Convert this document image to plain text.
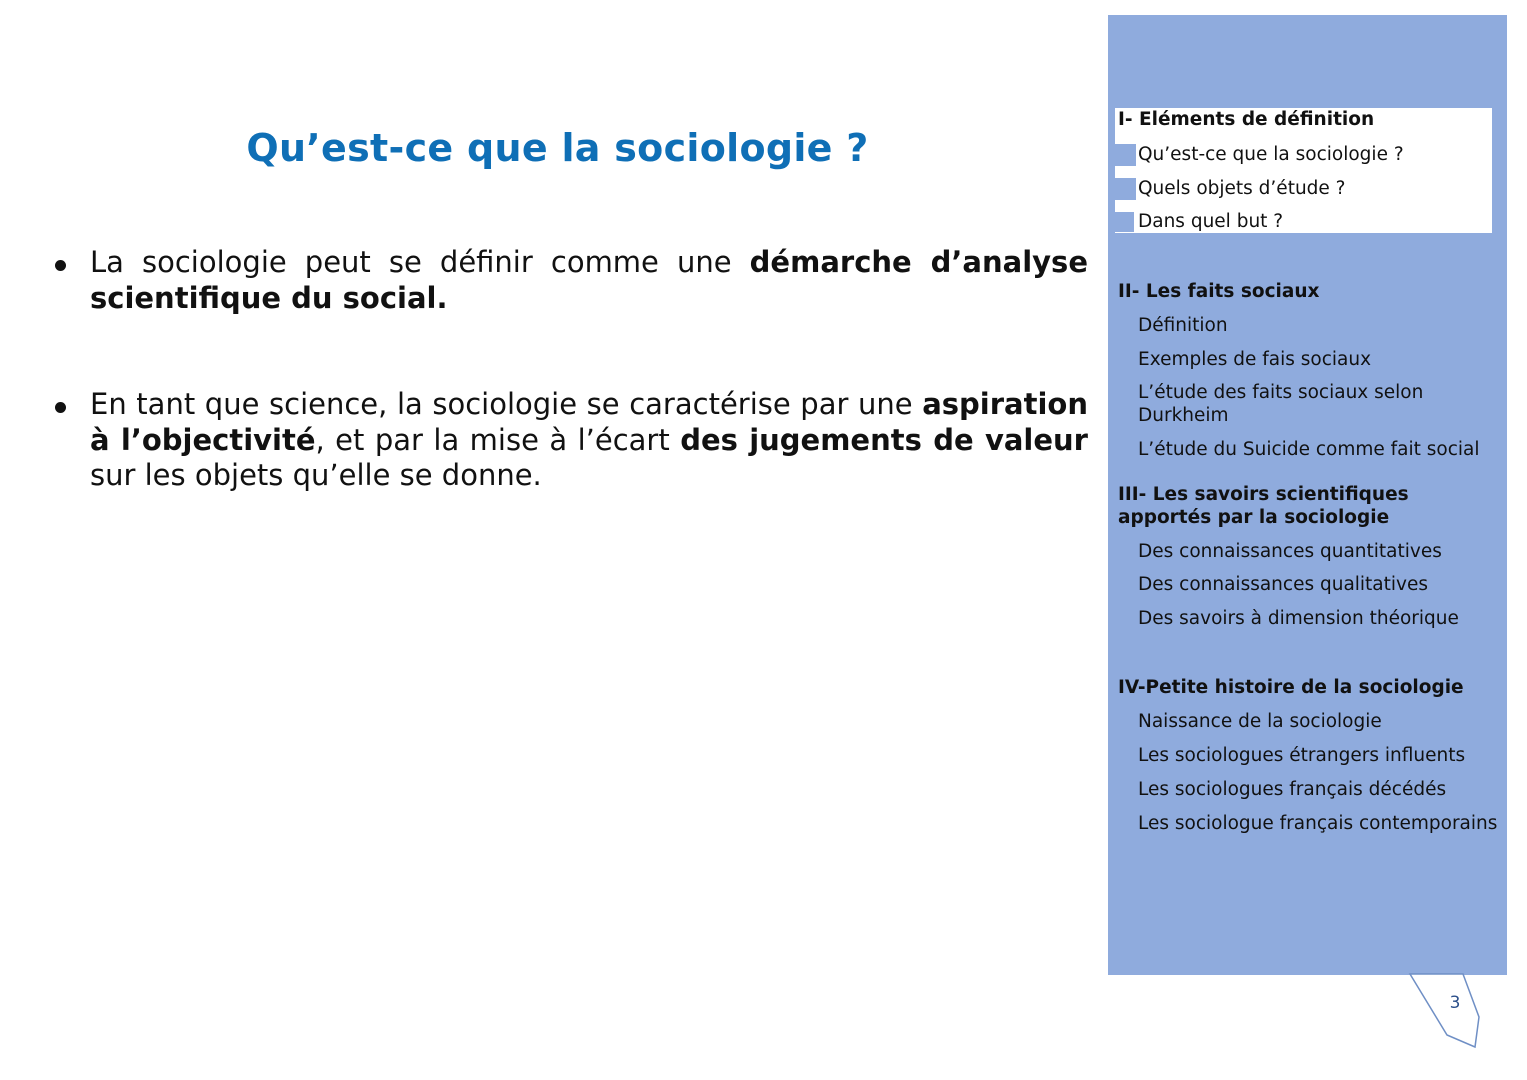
Qu’est-ce que la sociologie ?
La sociologie peut se définir comme une démarche d’analyse scientifique du social.
En tant que science, la sociologie se caractérise par une aspiration à l’objectivité, et par la mise à l’écart des jugements de valeur sur les objets qu’elle se donne.
I- Eléments de définition
Qu’est-ce que la sociologie ?
Quels objets d’étude ?
Dans quel but ?
II- Les faits sociaux
Définition
Exemples de fais sociaux
L’étude des faits sociaux selon Durkheim
L’étude du Suicide comme fait social
III- Les savoirs scientifiques apportés par la sociologie
Des connaissances quantitatives
Des connaissances qualitatives
Des savoirs à dimension théorique
IV-Petite histoire de la sociologie
Naissance de la sociologie
Les sociologues étrangers influents
Les sociologues français décédés
Les sociologue français contemporains
3
